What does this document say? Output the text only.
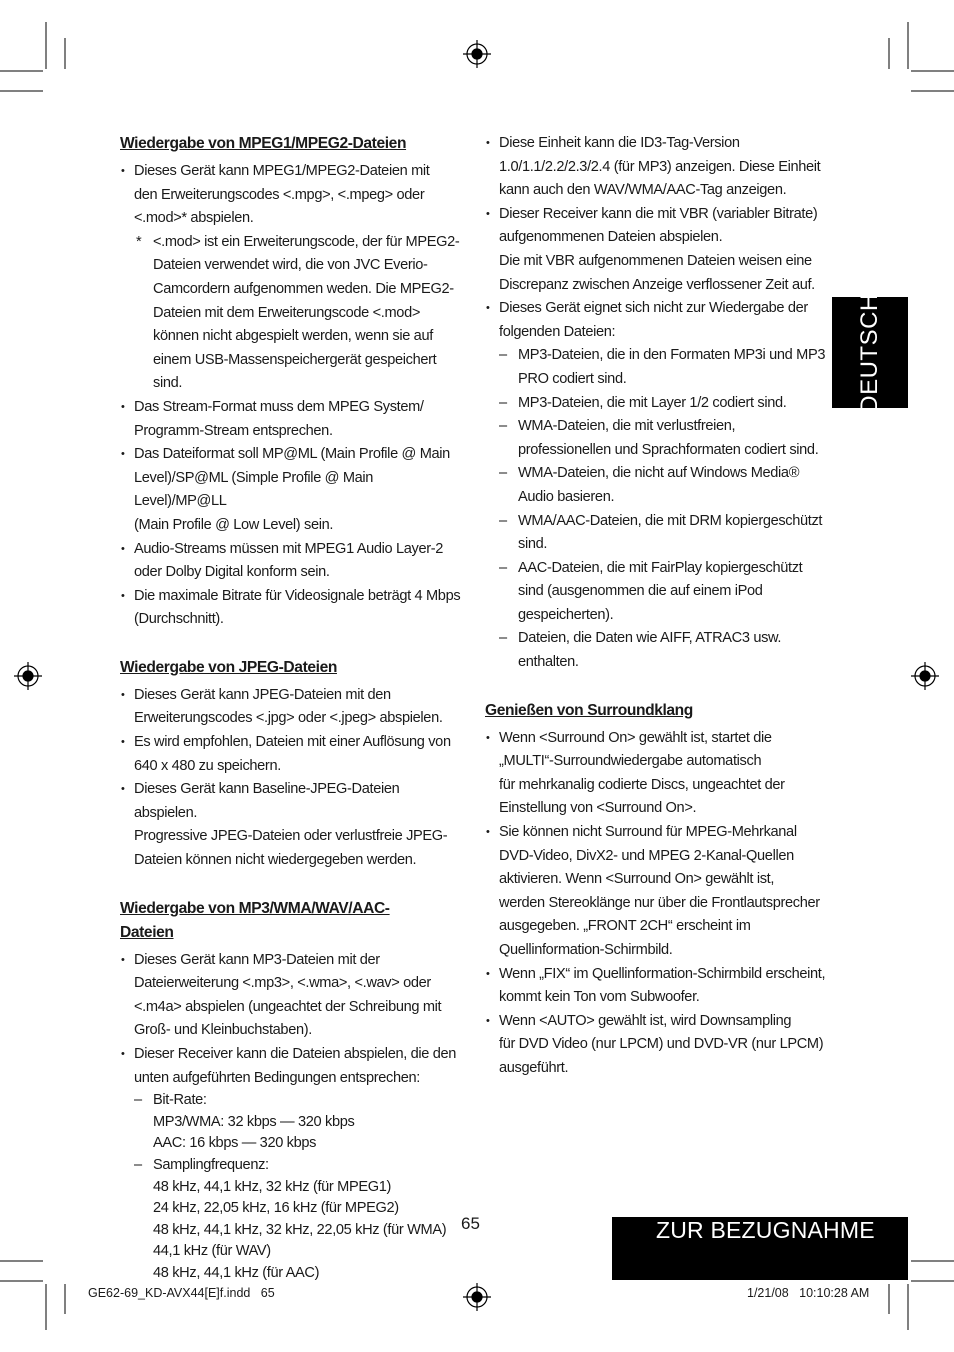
Wiedergabe von MPEG1/MPEG2-Dateien
• Dieses Gerät kann MPEG1/MPEG2-Dateien mit
den Erweiterungscodes <.mpg>, <.mpeg> oder
<.mod>* abspielen.
* <.mod> ist ein Erweiterungscode, der für MPEG2-
Dateien verwendet wird, die von JVC Everio-
Camcordern aufgenommen weden. Die MPEG2-
Dateien mit dem Erweiterungscode <.mod>
können nicht abgespielt werden, wenn sie auf
einem USB-Massenspeichergerät gespeichert sind.
• Das Stream-Format muss dem MPEG System/
Programm-Stream entsprechen.
• Das Dateiformat soll MP@ML (Main Profile @ Main
Level)/SP@ML (Simple Profile @ Main Level)/MP@LL
(Main Profile @ Low Level) sein.
• Audio-Streams müssen mit MPEG1 Audio Layer-2
oder Dolby Digital konform sein.
• Die maximale Bitrate für Videosignale beträgt 4 Mbps
(Durchschnitt).
Wiedergabe von JPEG-Dateien
• Dieses Gerät kann JPEG-Dateien mit den
Erweiterungscodes <.jpg> oder <.jpeg> abspielen.
• Es wird empfohlen, Dateien mit einer Auflösung von
640 x 480 zu speichern.
• Dieses Gerät kann Baseline-JPEG-Dateien abspielen.
Progressive JPEG-Dateien oder verlustfreie JPEG-
Dateien können nicht wiedergegeben werden.
Wiedergabe von MP3/WMA/WAV/AAC-
Dateien
• Dieses Gerät kann MP3-Dateien mit der
Dateierweiterung <.mp3>, <.wma>, <.wav> oder
<.m4a> abspielen (ungeachtet der Schreibung mit
Groß- und Kleinbuchstaben).
• Dieser Receiver kann die Dateien abspielen, die den
unten aufgeführten Bedingungen entsprechen:
– Bit-Rate:
MP3/WMA: 32 kbps — 320 kbps
AAC: 16 kbps — 320 kbps
– Samplingfrequenz:
48 kHz, 44,1 kHz, 32 kHz (für MPEG1)
24 kHz, 22,05 kHz, 16 kHz (für MPEG2)
48 kHz, 44,1 kHz, 32 kHz, 22,05 kHz (für WMA)
44,1 kHz (für WAV)
48 kHz, 44,1 kHz (für AAC)
• Diese Einheit kann die ID3-Tag-Version
1.0/1.1/2.2/2.3/2.4 (für MP3) anzeigen. Diese Einheit
kann auch den WAV/WMA/AAC-Tag anzeigen.
• Dieser Receiver kann die mit VBR (variabler Bitrate)
aufgenommenen Dateien abspielen.
Die mit VBR aufgenommenen Dateien weisen eine
Discrepanz zwischen Anzeige verflossener Zeit auf.
• Dieses Gerät eignet sich nicht zur Wiedergabe der
folgenden Dateien:
– MP3-Dateien, die in den Formaten MP3i und MP3
PRO codiert sind.
– MP3-Dateien, die mit Layer 1/2 codiert sind.
– WMA-Dateien, die mit verlustfreien,
professionellen und Sprachformaten codiert sind.
– WMA-Dateien, die nicht auf Windows Media®
Audio basieren.
– WMA/AAC-Dateien, die mit DRM kopiergeschützt
sind.
– AAC-Dateien, die mit FairPlay kopiergeschützt
sind (ausgenommen die auf einem iPod
gespeicherten).
– Dateien, die Daten wie AIFF, ATRAC3 usw.
enthalten.
Genießen von Surroundklang
• Wenn <Surround On> gewählt ist, startet die
„MULTI“-Surroundwiedergabe automatisch
für mehrkanalig codierte Discs, ungeachtet der
Einstellung von <Surround On>.
• Sie können nicht Surround für MPEG-Mehrkanal
DVD-Video, DivX2- und MPEG 2-Kanal-Quellen
aktivieren. Wenn <Surround On> gewählt ist,
werden Stereoklänge nur über die Frontlautsprecher
ausgegeben. „FRONT 2CH“ erscheint im
Quellinformation-Schirmbild.
• Wenn „FIX“ im Quellinformation-Schirmbild erscheint,
kommt kein Ton vom Subwoofer.
• Wenn <AUTO> gewählt ist, wird Downsampling
für DVD Video (nur LPCM) und DVD-VR (nur LPCM)
ausgeführt.
DEUTSCH
ZUR BEZUGNAHME
65
GE62-69_KD-AVX44[E]f.indd   65	1/21/08   10:10:28 AM
